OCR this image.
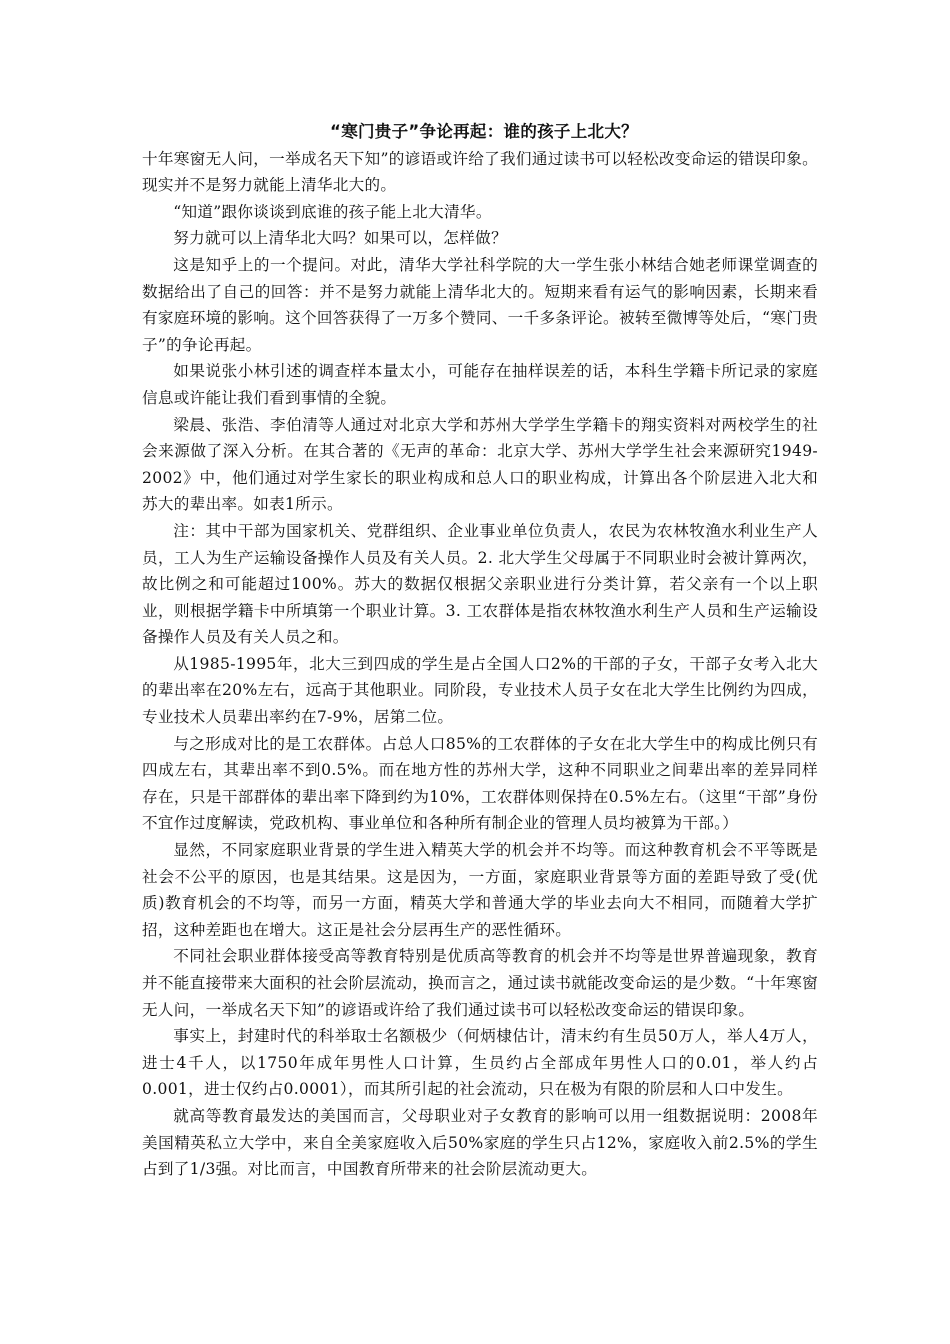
“寒门贵子”争论再起：谁的孩子上北大？

十年寒窗无人问，一举成名天下知”的谚语或许给了我们通过读书可以轻松改变命运的错误印象。现实并不是努力就能上清华北大的。

“知道”跟你谈谈到底谁的孩子能上北大清华。

努力就可以上清华北大吗？如果可以，怎样做？

这是知乎上的一个提问。对此，清华大学社科学院的大一学生张小林结合她老师课堂调查的数据给出了自己的回答：并不是努力就能上清华北大的。短期来看有运气的影响因素，长期来看有家庭环境的影响。这个回答获得了一万多个赞同、一千多条评论。被转至微博等处后，“寒门贵子”的争论再起。

如果说张小林引述的调查样本量太小，可能存在抽样误差的话，本科生学籍卡所记录的家庭信息或许能让我们看到事情的全貌。

梁晨、张浩、李伯清等人通过对北京大学和苏州大学学生学籍卡的翔实资料对两校学生的社会来源做了深入分析。在其合著的《无声的革命：北京大学、苏州大学学生社会来源研究1949-2002》中，他们通过对学生家长的职业构成和总人口的职业构成，计算出各个阶层进入北大和苏大的辈出率。如表1所示。

注：其中干部为国家机关、党群组织、企业事业单位负责人，农民为农林牧渔水利业生产人员，工人为生产运输设备操作人员及有关人员。2. 北大学生父母属于不同职业时会被计算两次，故比例之和可能超过100%。苏大的数据仅根据父亲职业进行分类计算，若父亲有一个以上职业，则根据学籍卡中所填第一个职业计算。3. 工农群体是指农林牧渔水利生产人员和生产运输设备操作人员及有关人员之和。

从1985-1995年，北大三到四成的学生是占全国人口2%的干部的子女，干部子女考入北大的辈出率在20%左右，远高于其他职业。同阶段，专业技术人员子女在北大学生比例约为四成，专业技术人员辈出率约在7-9%，居第二位。

与之形成对比的是工农群体。占总人口85%的工农群体的子女在北大学生中的构成比例只有四成左右，其辈出率不到0.5%。而在地方性的苏州大学，这种不同职业之间辈出率的差异同样存在，只是干部群体的辈出率下降到约为10%，工农群体则保持在0.5%左右。（这里“干部”身份不宜作过度解读，党政机构、事业单位和各种所有制企业的管理人员均被算为干部。）

显然，不同家庭职业背景的学生进入精英大学的机会并不均等。而这种教育机会不平等既是社会不公平的原因，也是其结果。这是因为，一方面，家庭职业背景等方面的差距导致了受(优质)教育机会的不均等，而另一方面，精英大学和普通大学的毕业去向大不相同，而随着大学扩招，这种差距也在增大。这正是社会分层再生产的恶性循环。

不同社会职业群体接受高等教育特别是优质高等教育的机会并不均等是世界普遍现象，教育并不能直接带来大面积的社会阶层流动，换而言之，通过读书就能改变命运的是少数。“十年寒窗无人问，一举成名天下知”的谚语或许给了我们通过读书可以轻松改变命运的错误印象。

事实上，封建时代的科举取士名额极少（何炳棣估计，清末约有生员50万人，举人4万人，进士4千人，以1750年成年男性人口计算，生员约占全部成年男性人口的0.01，举人约占0.001，进士仅约占0.0001），而其所引起的社会流动，只在极为有限的阶层和人口中发生。

就高等教育最发达的美国而言，父母职业对子女教育的影响可以用一组数据说明：2008年美国精英私立大学中，来自全美家庭收入后50%家庭的学生只占12%，家庭收入前2.5%的学生占到了1/3强。对比而言，中国教育所带来的社会阶层流动更大。
